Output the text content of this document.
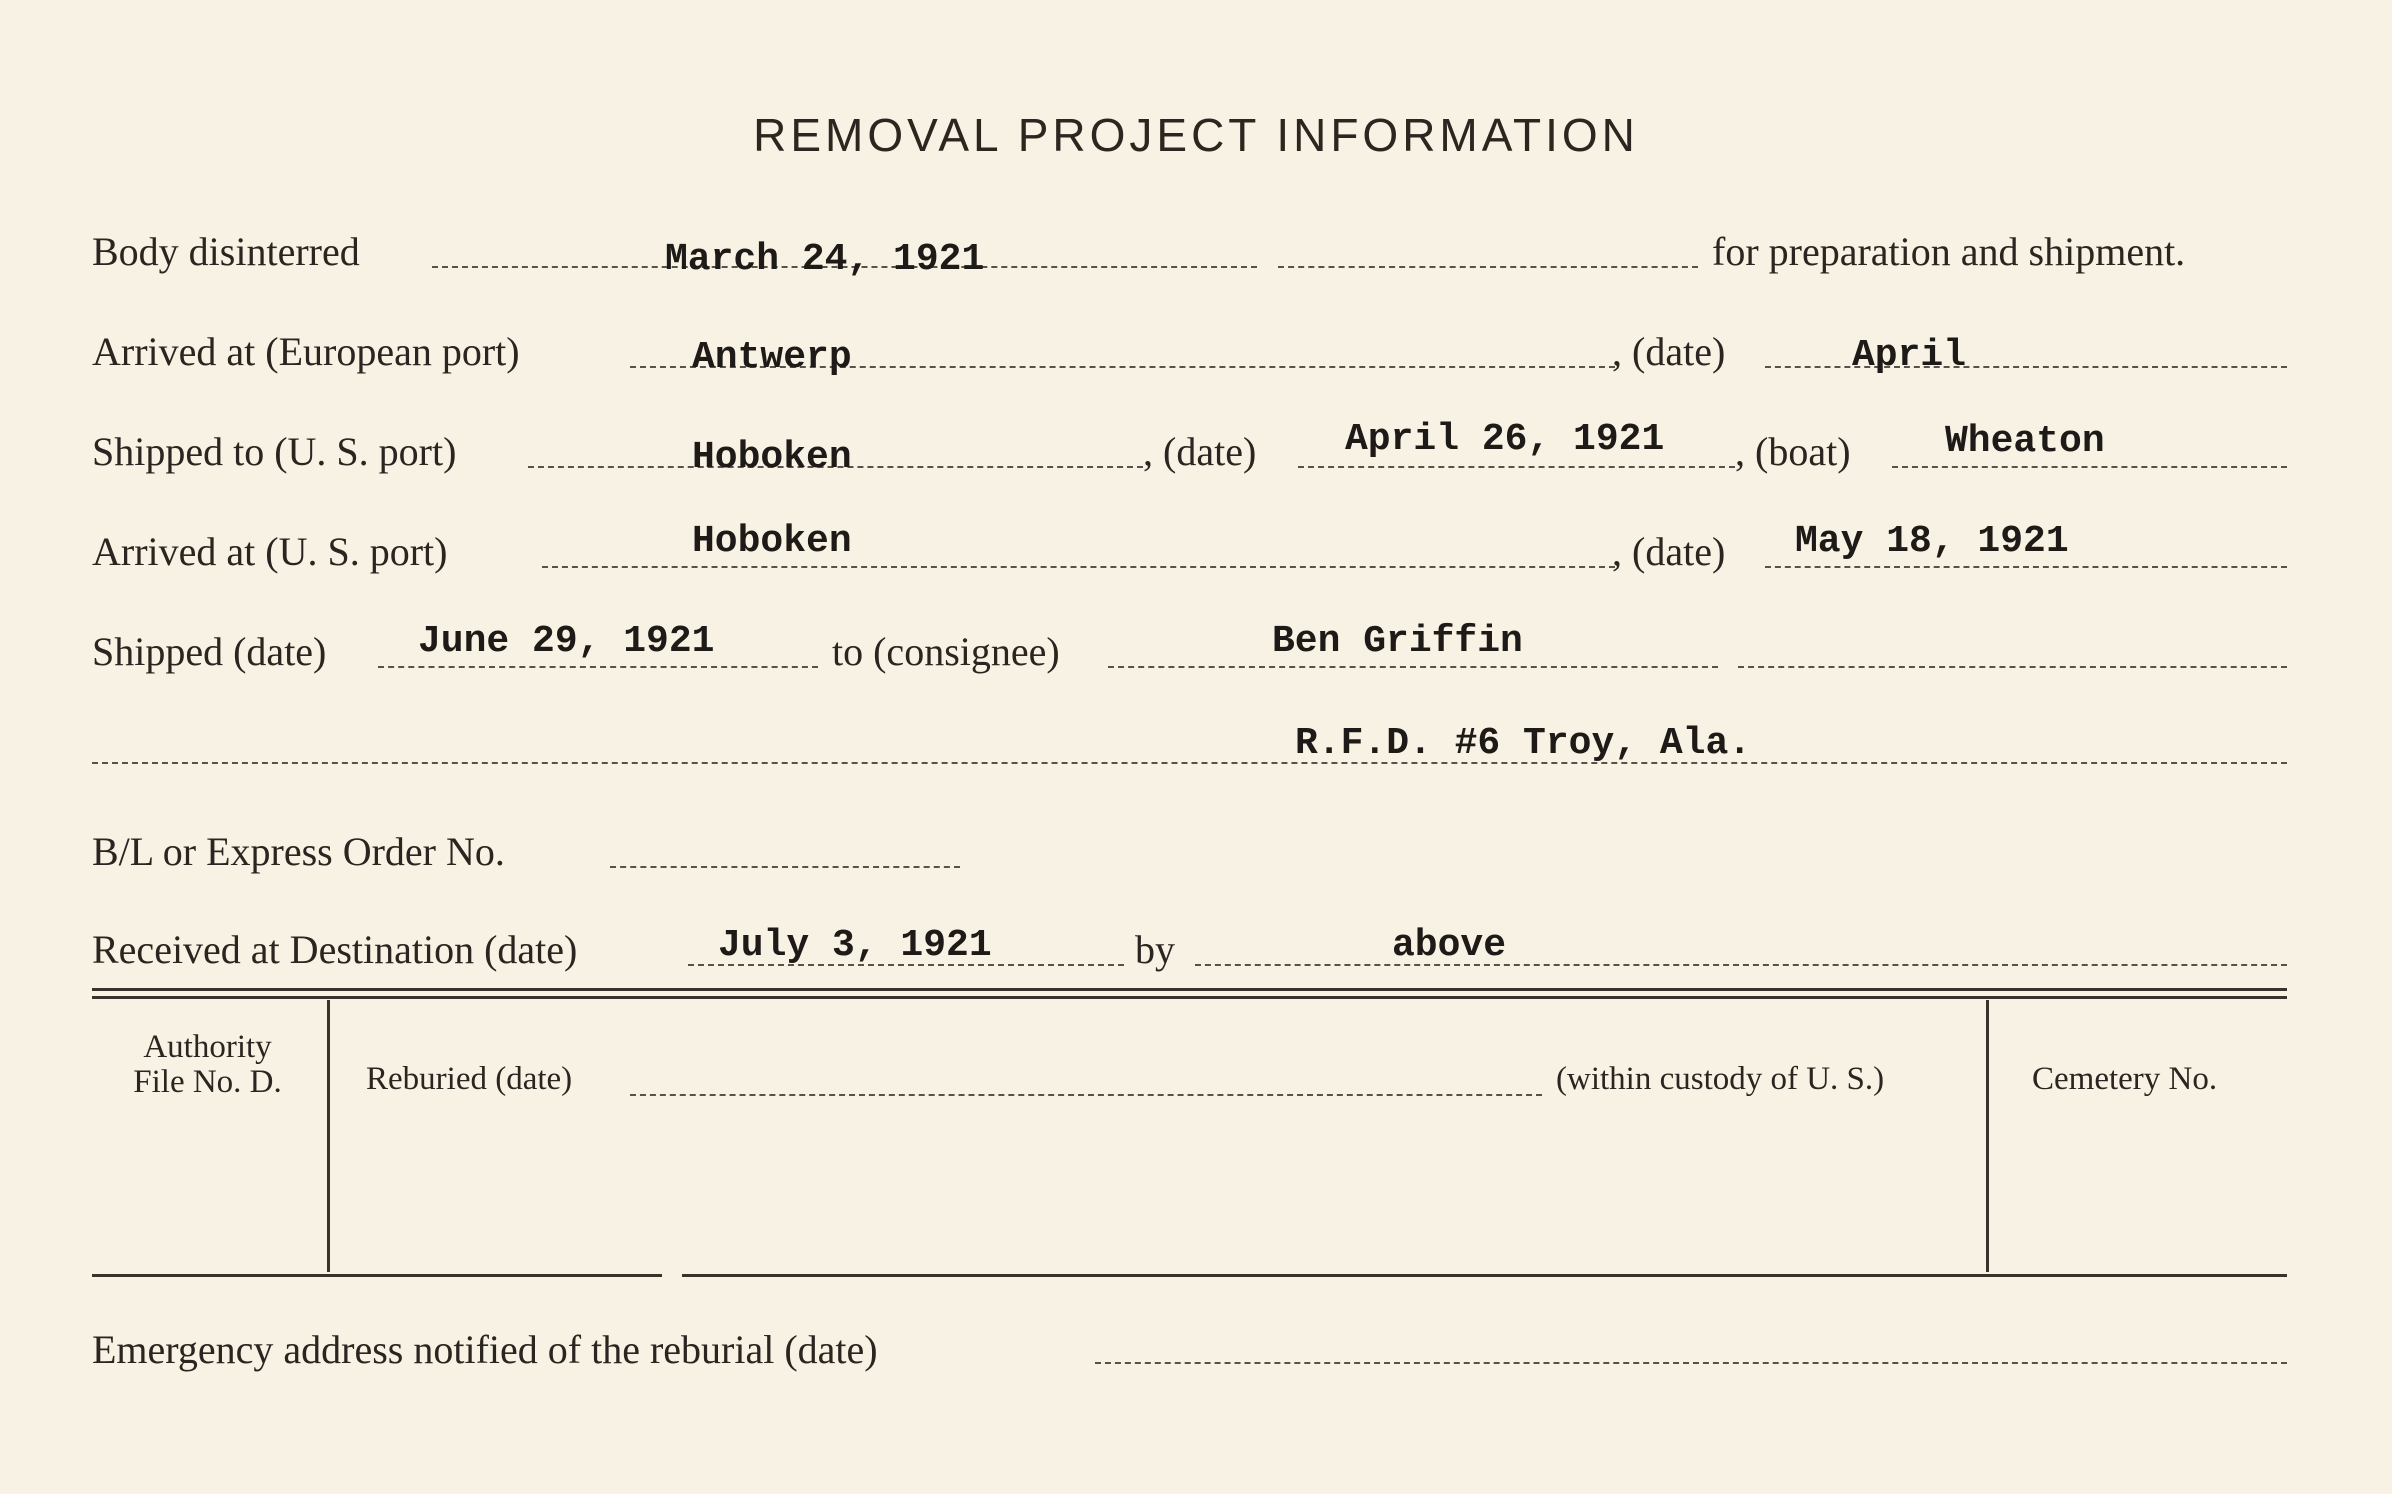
REMOVAL PROJECT INFORMATION
Body disinterred	March 24, 1921	for preparation and shipment.
Arrived at (European port)	Antwerp	, (date)	April
Shipped to (U. S. port)	Hoboken	, (date) April 26, 1921 , (boat) Wheaton
Arrived at (U. S. port)	Hoboken	, (date) May 18, 1921
Shipped (date) June 29, 1921	to (consignee)	Ben Griffin
R.F.D. #6 Troy, Ala.
B/L or Express Order No.
Received at Destination (date)	July 3, 1921	by	above
Authority
File No. D.	Reburied (date)	(within custody of U. S.)	Cemetery No.
Emergency address notified of the reburial (date)
